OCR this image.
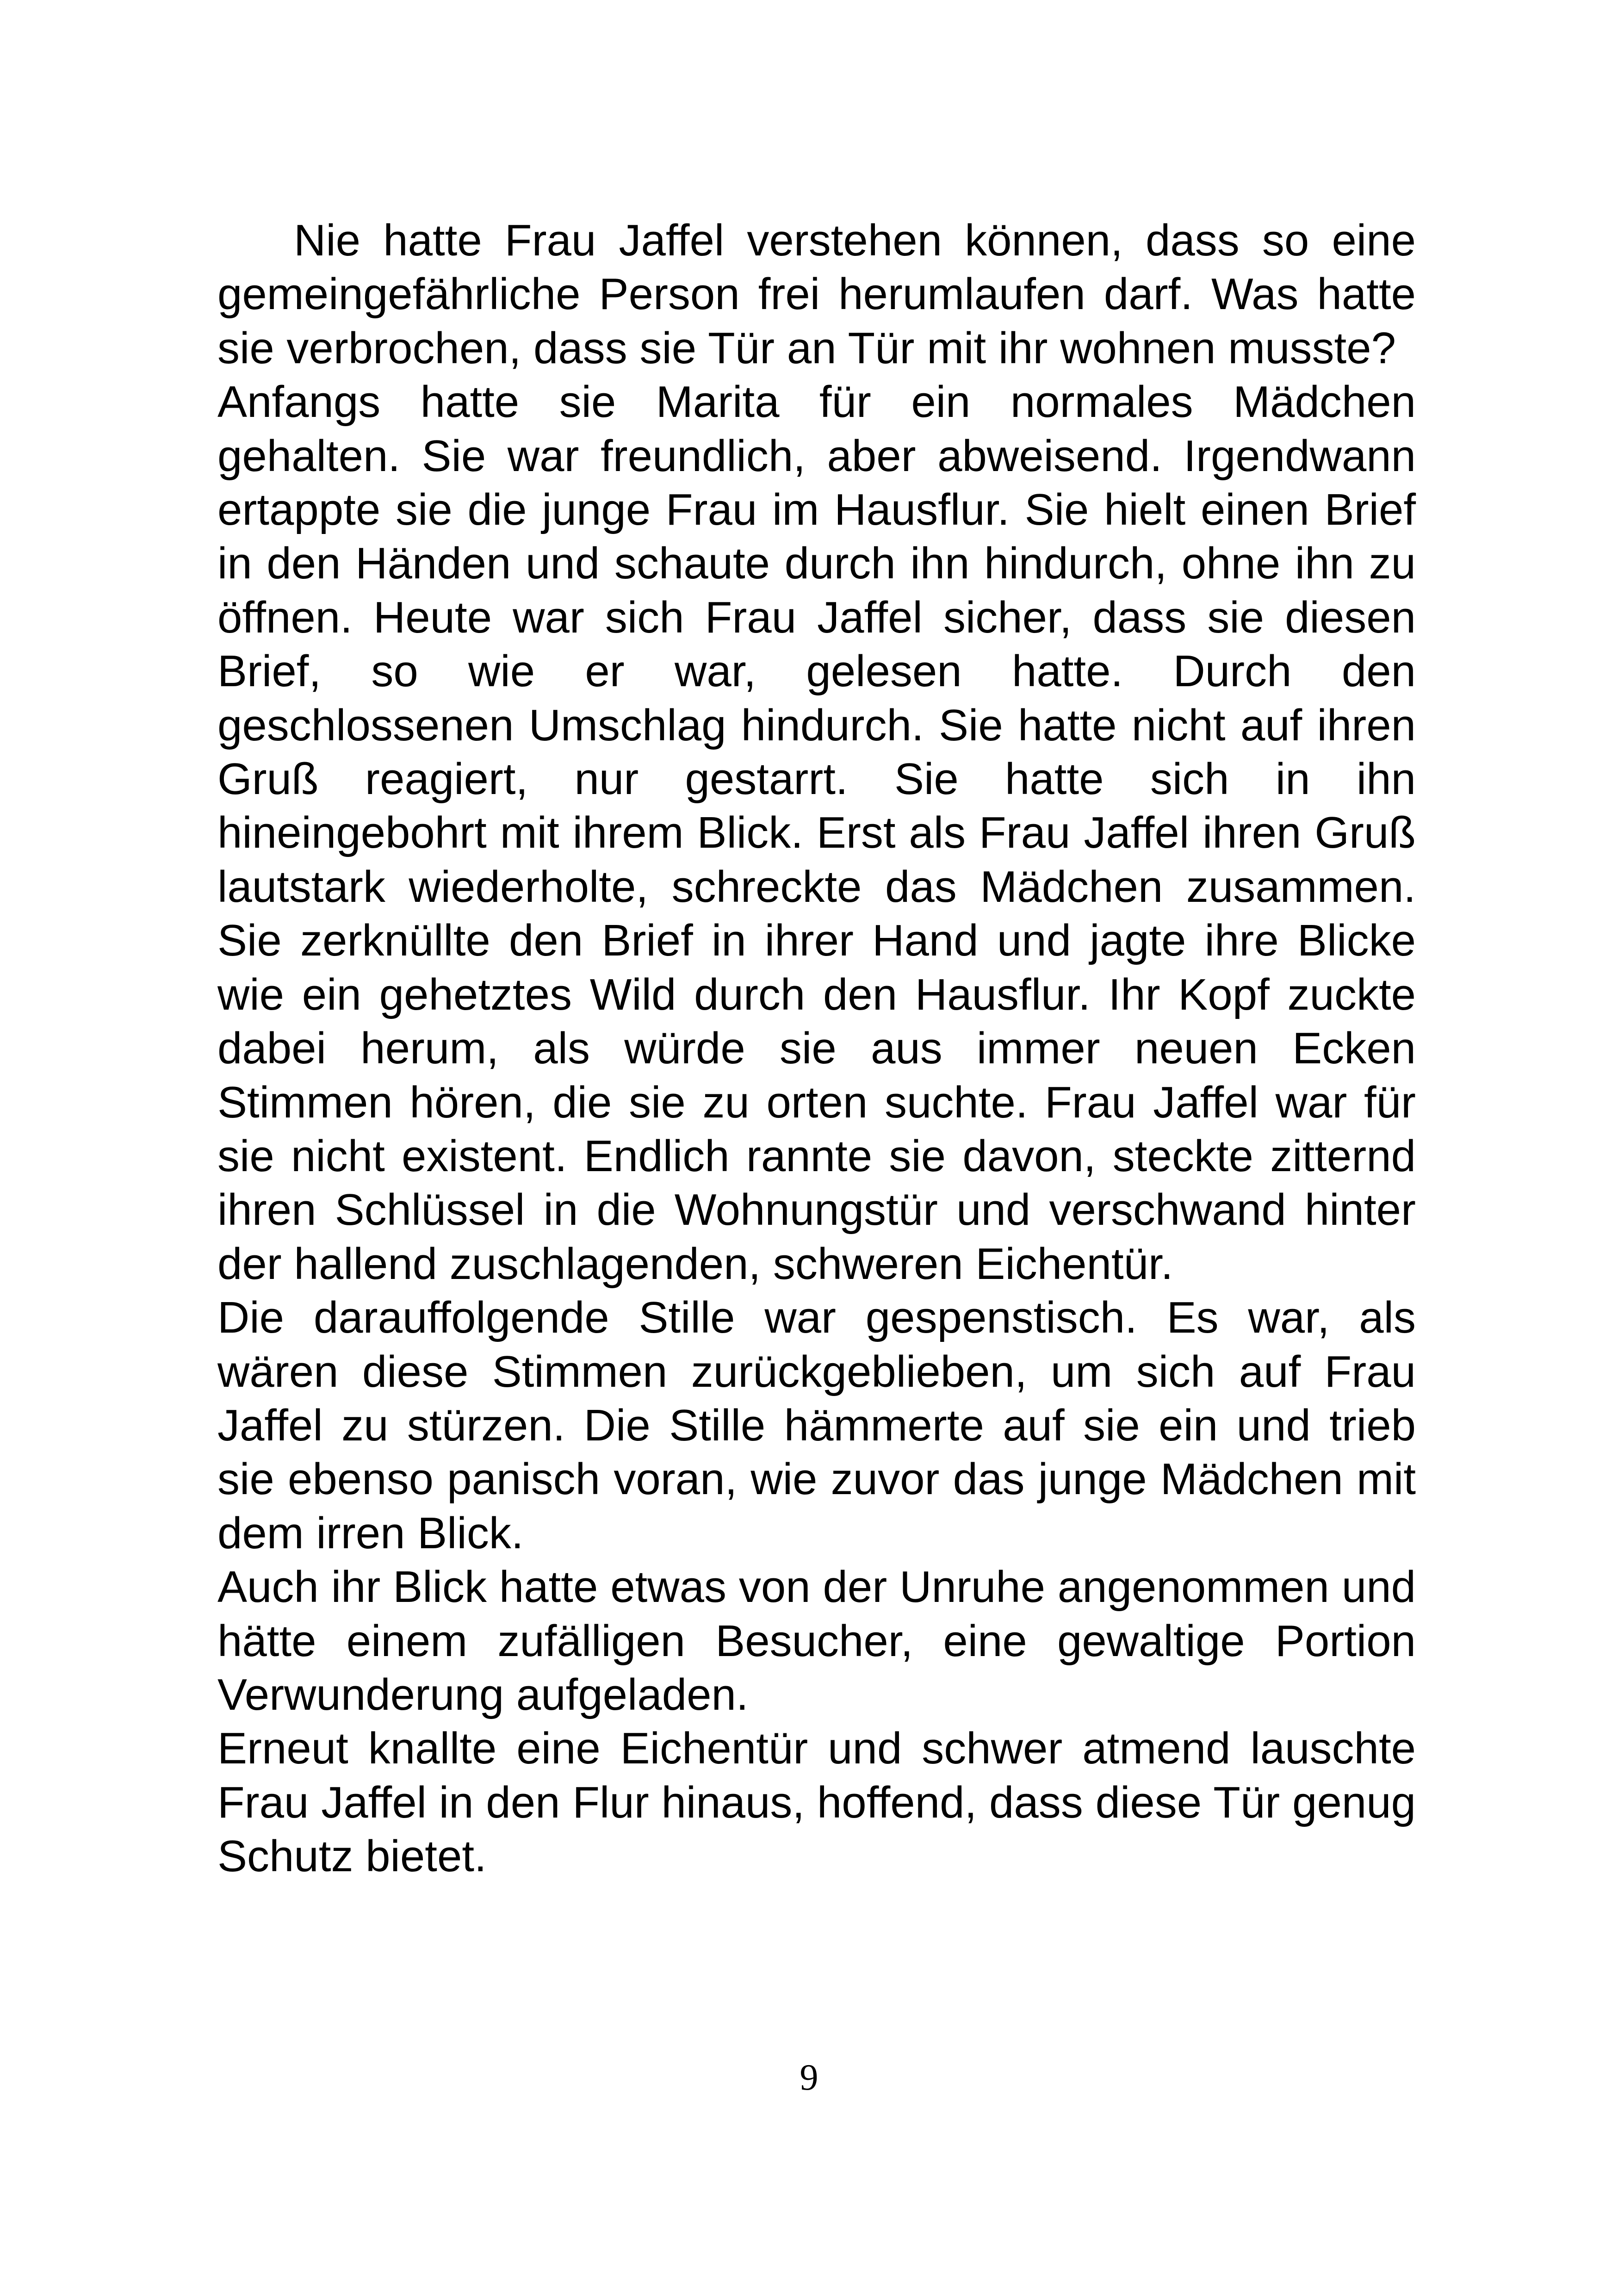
Nie hatte Frau Jaffel verstehen können, dass so eine gemeingefährliche Person frei herumlaufen darf. Was hatte sie verbrochen, dass sie Tür an Tür mit ihr wohnen musste?

Anfangs hatte sie Marita für ein normales Mädchen gehalten. Sie war freundlich, aber abweisend. Irgendwann ertappte sie die junge Frau im Hausflur. Sie hielt einen Brief in den Händen und schaute durch ihn hindurch, ohne ihn zu öffnen. Heute war sich Frau Jaffel sicher, dass sie diesen Brief, so wie er war, gelesen hatte. Durch den geschlossenen Umschlag hindurch. Sie hatte nicht auf ihren Gruß reagiert, nur gestarrt. Sie hatte sich in ihn hineingebohrt mit ihrem Blick. Erst als Frau Jaffel ihren Gruß lautstark wiederholte, schreckte das Mädchen zusammen. Sie zerknüllte den Brief in ihrer Hand und jagte ihre Blicke wie ein gehetztes Wild durch den Hausflur. Ihr Kopf zuckte dabei herum, als würde sie aus immer neuen Ecken Stimmen hören, die sie zu orten suchte. Frau Jaffel war für sie nicht existent. Endlich rannte sie davon, steckte zitternd ihren Schlüssel in die Wohnungstür und verschwand hinter der hallend zuschlagenden, schweren Eichentür.

Die darauffolgende Stille war gespenstisch. Es war, als wären diese Stimmen zurückgeblieben, um sich auf Frau Jaffel zu stürzen. Die Stille hämmerte auf sie ein und trieb sie ebenso panisch voran, wie zuvor das junge Mädchen mit dem irren Blick.

Auch ihr Blick hatte etwas von der Unruhe angenommen und hätte einem zufälligen Besucher, eine gewaltige Portion Verwunderung aufgeladen.

Erneut knallte eine Eichentür und schwer atmend lauschte Frau Jaffel in den Flur hinaus, hoffend, dass diese Tür genug Schutz bietet.

9
